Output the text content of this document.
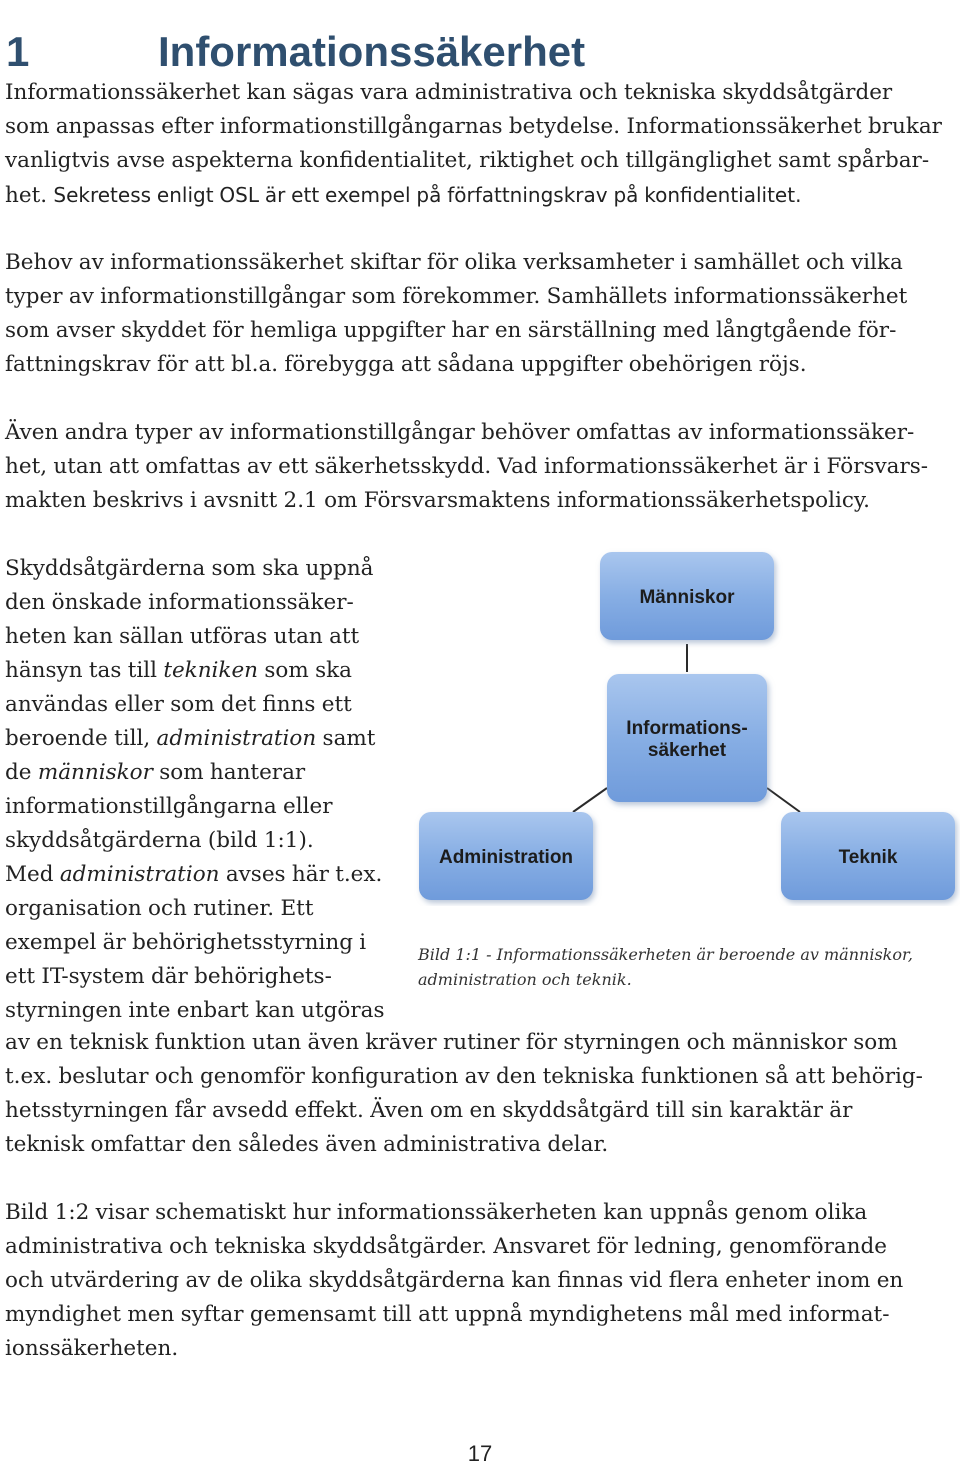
1	Informationssäkerhet

Informationssäkerhet kan sägas vara administrativa och tekniska skyddsåtgärder
som anpassas efter informationstillgångarnas betydelse. Informationssäkerhet brukar
vanligtvis avse aspekterna konfidentialitet, riktighet och tillgänglighet samt spårbar-
het. Sekretess enligt OSL är ett exempel på författningskrav på konfidentialitet.

Behov av informationssäkerhet skiftar för olika verksamheter i samhället och vilka
typer av informationstillgångar som förekommer. Samhällets informationssäkerhet
som avser skyddet för hemliga uppgifter har en särställning med långtgående för-
fattningskrav för att bl.a. förebygga att sådana uppgifter obehörigen röjs.

Även andra typer av informationstillgångar behöver omfattas av informationssäker-
het, utan att omfattas av ett säkerhetsskydd. Vad informationssäkerhet är i Försvars-
makten beskrivs i avsnitt 2.1 om Försvarsmaktens informationssäkerhetspolicy.

Skyddsåtgärderna som ska uppnå
den önskade informationssäker-
heten kan sällan utföras utan att
hänsyn tas till tekniken som ska
användas eller som det finns ett
beroende till, administration samt
de människor som hanterar
informationstillgångarna eller
skyddsåtgärderna (bild 1:1).
Med administration avses här t.ex.
organisation och rutiner. Ett
exempel är behörighetsstyrning i
ett IT-system där behörighets-
styrningen inte enbart kan utgöras

Människor
Informations-
säkerhet
Administration	Teknik
Bild 1:1 - Informationssäkerheten är beroende av människor,
administration och teknik.

av en teknisk funktion utan även kräver rutiner för styrningen och människor som
t.ex. beslutar och genomför konfiguration av den tekniska funktionen så att behörig-
hetsstyrningen får avsedd effekt. Även om en skyddsåtgärd till sin karaktär är
teknisk omfattar den således även administrativa delar.

Bild 1:2 visar schematiskt hur informationssäkerheten kan uppnås genom olika
administrativa och tekniska skyddsåtgärder. Ansvaret för ledning, genomförande
och utvärdering av de olika skyddsåtgärderna kan finnas vid flera enheter inom en
myndighet men syftar gemensamt till att uppnå myndighetens mål med informat-
ionssäkerheten.

17
